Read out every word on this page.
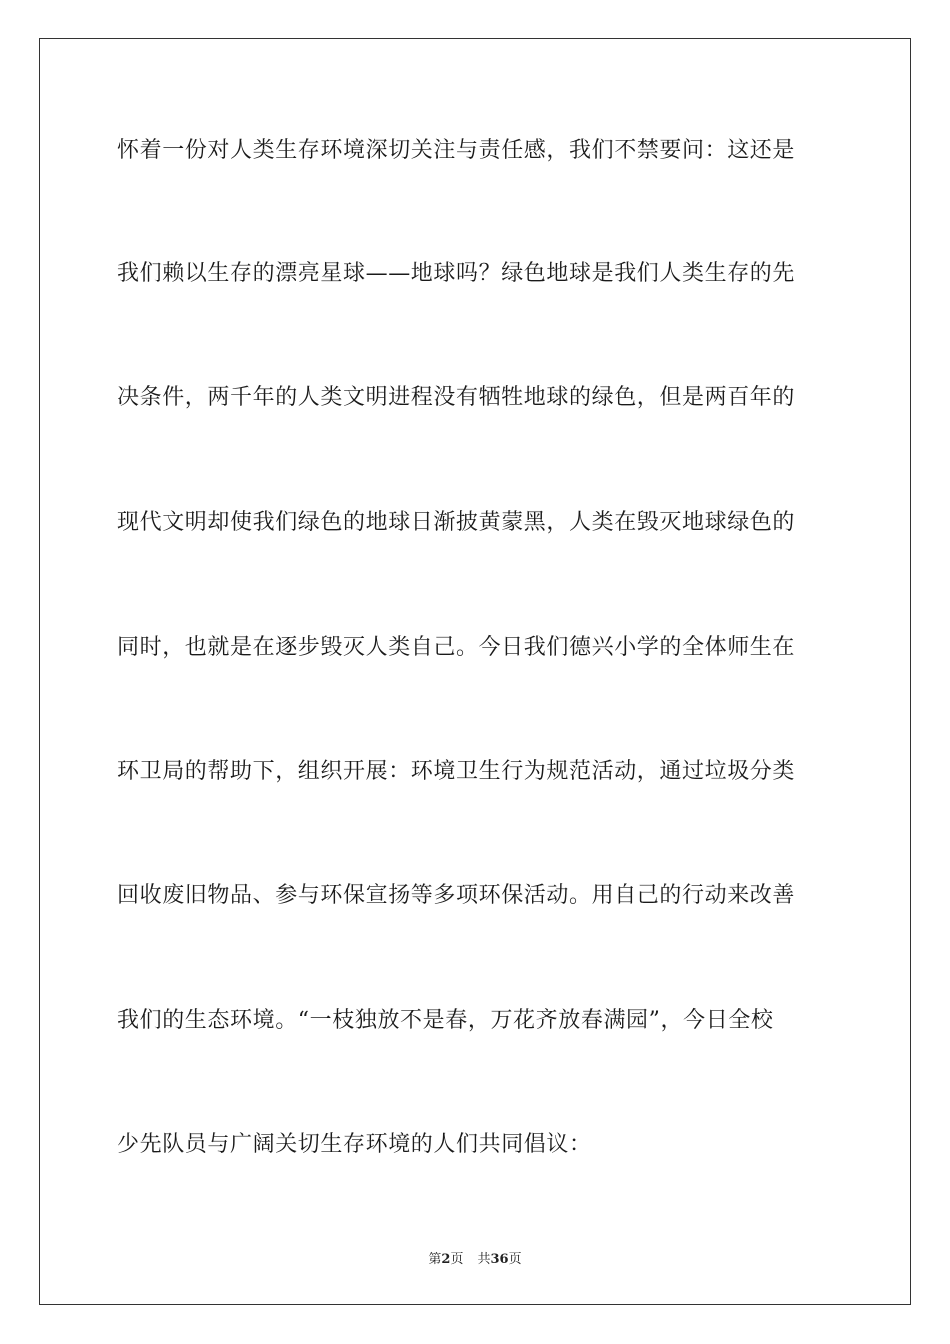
怀着一份对人类生存环境深切关注与责任感，我们不禁要问：这还是
我们赖以生存的漂亮星球——地球吗？绿色地球是我们人类生存的先
决条件，两千年的人类文明进程没有牺牲地球的绿色，但是两百年的
现代文明却使我们绿色的地球日渐披黄蒙黑，人类在毁灭地球绿色的
同时，也就是在逐步毁灭人类自己。今日我们德兴小学的全体师生在
环卫局的帮助下，组织开展：环境卫生行为规范活动，通过垃圾分类
回收废旧物品、参与环保宣扬等多项环保活动。用自己的行动来改善
我们的生态环境。“一枝独放不是春，万花齐放春满园”，今日全校
少先队员与广阔关切生存环境的人们共同倡议：
第2页 共36页
